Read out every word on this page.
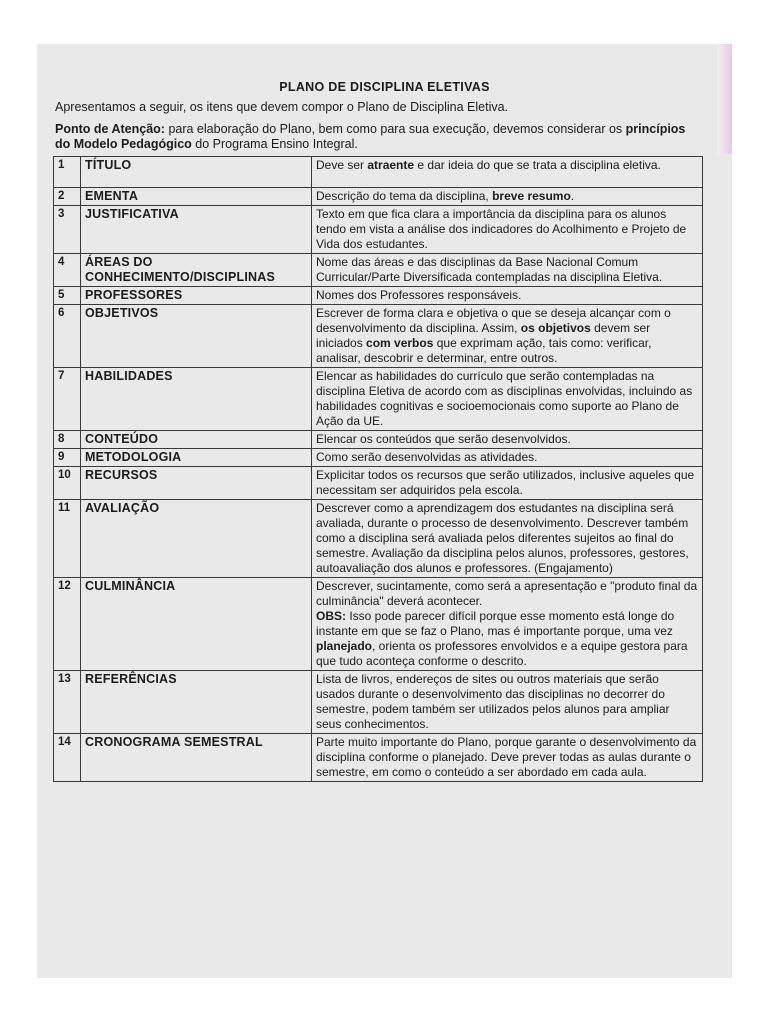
PLANO DE DISCIPLINA ELETIVAS
Apresentamos a seguir, os itens que devem compor o Plano de Disciplina Eletiva.
Ponto de Atenção: para elaboração do Plano, bem como para sua execução, devemos considerar os princípios do Modelo Pedagógico do Programa Ensino Integral.
1	TÍTULO	Deve ser atraente e dar ideia do que se trata a disciplina eletiva.
2	EMENTA	Descrição do tema da disciplina, breve resumo.
3	JUSTIFICATIVA	Texto em que fica clara a importância da disciplina para os alunos tendo em vista a análise dos indicadores do Acolhimento e Projeto de Vida dos estudantes.
4	ÁREAS DO CONHECIMENTO/DISCIPLINAS	Nome das áreas e das disciplinas da Base Nacional Comum Curricular/Parte Diversificada contempladas na disciplina Eletiva.
5	PROFESSORES	Nomes dos Professores responsáveis.
6	OBJETIVOS	Escrever de forma clara e objetiva o que se deseja alcançar com o desenvolvimento da disciplina. Assim, os objetivos devem ser iniciados com verbos que exprimam ação, tais como: verificar, analisar, descobrir e determinar, entre outros.
7	HABILIDADES	Elencar as habilidades do currículo que serão contempladas na disciplina Eletiva de acordo com as disciplinas envolvidas, incluindo as habilidades cognitivas e socioemocionais como suporte ao Plano de Ação da UE.
8	CONTEÚDO	Elencar os conteúdos que serão desenvolvidos.
9	METODOLOGIA	Como serão desenvolvidas as atividades.
10	RECURSOS	Explicitar todos os recursos que serão utilizados, inclusive aqueles que necessitam ser adquiridos pela escola.
11	AVALIAÇÃO	Descrever como a aprendizagem dos estudantes na disciplina será avaliada, durante o processo de desenvolvimento. Descrever também como a disciplina será avaliada pelos diferentes sujeitos ao final do semestre. Avaliação da disciplina pelos alunos, professores, gestores, autoavaliação dos alunos e professores. (Engajamento)
12	CULMINÂNCIA	Descrever, sucintamente, como será a apresentação e "produto final da culminância" deverá acontecer.
OBS: Isso pode parecer difícil porque esse momento está longe do instante em que se faz o Plano, mas é importante porque, uma vez planejado, orienta os professores envolvidos e a equipe gestora para que tudo aconteça conforme o descrito.
13	REFERÊNCIAS	Lista de livros, endereços de sites ou outros materiais que serão usados durante o desenvolvimento das disciplinas no decorrer do semestre, podem também ser utilizados pelos alunos para ampliar seus conhecimentos.
14	CRONOGRAMA SEMESTRAL	Parte muito importante do Plano, porque garante o desenvolvimento da disciplina conforme o planejado. Deve prever todas as aulas durante o semestre, em como o conteúdo a ser abordado em cada aula.
